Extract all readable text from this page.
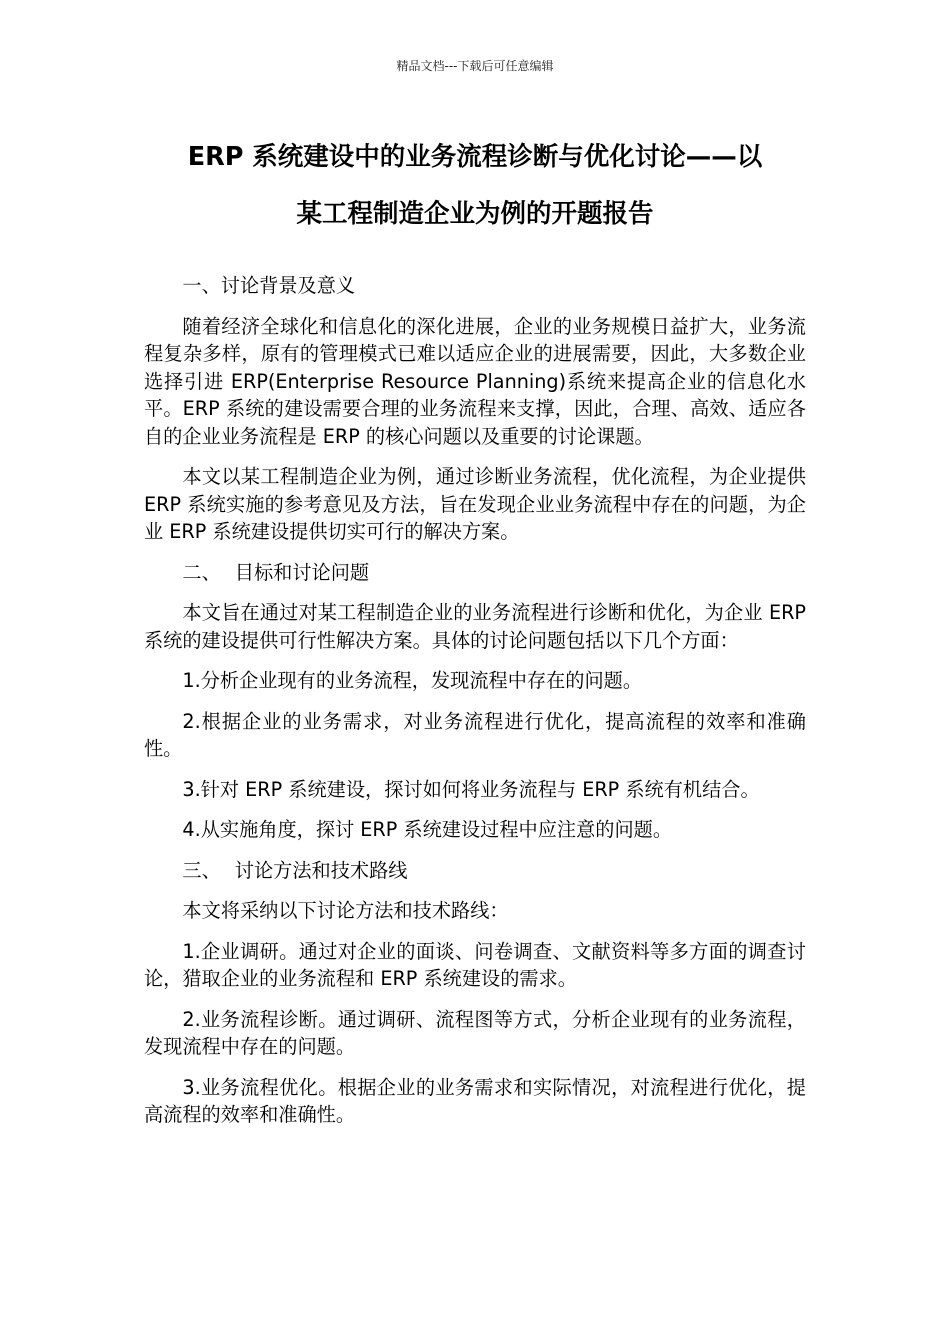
精品文档---下载后可任意编辑
ERP 系统建设中的业务流程诊断与优化讨论——以
某工程制造企业为例的开题报告

一、讨论背景及意义

随着经济全球化和信息化的深化进展，企业的业务规模日益扩大，业务流程复杂多样，原有的管理模式已难以适应企业的进展需要，因此，大多数企业选择引进 ERP(Enterprise Resource Planning)系统来提高企业的信息化水平。ERP 系统的建设需要合理的业务流程来支撑，因此，合理、高效、适应各自的企业业务流程是 ERP 的核心问题以及重要的讨论课题。

本文以某工程制造企业为例，通过诊断业务流程，优化流程，为企业提供 ERP 系统实施的参考意见及方法，旨在发现企业业务流程中存在的问题，为企业 ERP 系统建设提供切实可行的解决方案。

二、 目标和讨论问题

本文旨在通过对某工程制造企业的业务流程进行诊断和优化，为企业 ERP 系统的建设提供可行性解决方案。具体的讨论问题包括以下几个方面：

1.分析企业现有的业务流程，发现流程中存在的问题。

2.根据企业的业务需求，对业务流程进行优化，提高流程的效率和准确性。

3.针对 ERP 系统建设，探讨如何将业务流程与 ERP 系统有机结合。

4.从实施角度，探讨 ERP 系统建设过程中应注意的问题。

三、 讨论方法和技术路线

本文将采纳以下讨论方法和技术路线：

1.企业调研。通过对企业的面谈、问卷调查、文献资料等多方面的调查讨论，猎取企业的业务流程和 ERP 系统建设的需求。

2.业务流程诊断。通过调研、流程图等方式，分析企业现有的业务流程，发现流程中存在的问题。

3.业务流程优化。根据企业的业务需求和实际情况，对流程进行优化，提高流程的效率和准确性。
